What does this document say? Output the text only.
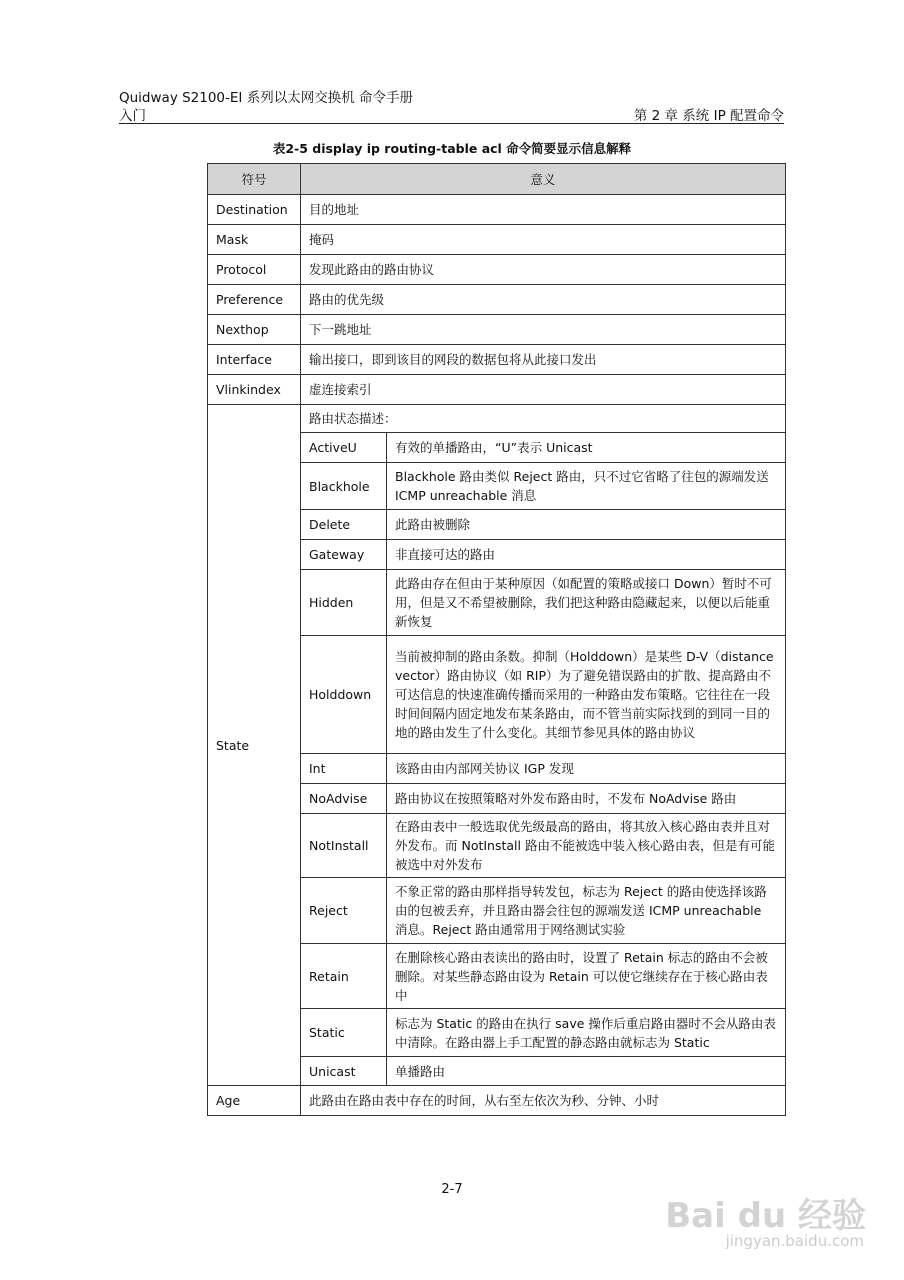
Quidway S2100-EI 系列以太网交换机 命令手册
入门	第 2 章 系统 IP 配置命令
表2-5 display ip routing-table acl 命令简要显示信息解释
符号	意义	
Destination	目的地址	
Mask	掩码	
Protocol	发现此路由的路由协议	
Preference	路由的优先级	
Nexthop	下一跳地址	
Interface	输出接口，即到该目的网段的数据包将从此接口发出	
Vlinkindex	虚连接索引	
State	路由状态描述：	
	ActiveU	有效的单播路由，“U”表示 Unicast
	Blackhole	Blackhole 路由类似 Reject 路由，只不过它省略了往包的源端发送 ICMP unreachable 消息
	Delete	此路由被删除
	Gateway	非直接可达的路由
	Hidden	此路由存在但由于某种原因（如配置的策略或接口 Down）暂时不可用，但是又不希望被删除，我们把这种路由隐藏起来，以便以后能重新恢复
	Holddown	当前被抑制的路由条数。抑制（Holddown）是某些 D-V（distance vector）路由协议（如 RIP）为了避免错误路由的扩散、提高路由不可达信息的快速准确传播而采用的一种路由发布策略。它往往在一段时间间隔内固定地发布某条路由，而不管当前实际找到的到同一目的地的路由发生了什么变化。其细节参见具体的路由协议
	Int	该路由由内部网关协议 IGP 发现
	NoAdvise	路由协议在按照策略对外发布路由时，不发布 NoAdvise 路由
	NotInstall	在路由表中一般选取优先级最高的路由，将其放入核心路由表并且对外发布。而 NotInstall 路由不能被选中装入核心路由表，但是有可能被选中对外发布
	Reject	不象正常的路由那样指导转发包，标志为 Reject 的路由使选择该路由的包被丢弃，并且路由器会往包的源端发送 ICMP unreachable 消息。Reject 路由通常用于网络测试实验
	Retain	在删除核心路由表读出的路由时，设置了 Retain 标志的路由不会被删除。对某些静态路由设为 Retain 可以使它继续存在于核心路由表中
	Static	标志为 Static 的路由在执行 save 操作后重启路由器时不会从路由表中清除。在路由器上手工配置的静态路由就标志为 Static
	Unicast	单播路由
Age	此路由在路由表中存在的时间，从右至左依次为秒、分钟、小时	
2-7
Bai du 经验
jingyan.baidu.com
